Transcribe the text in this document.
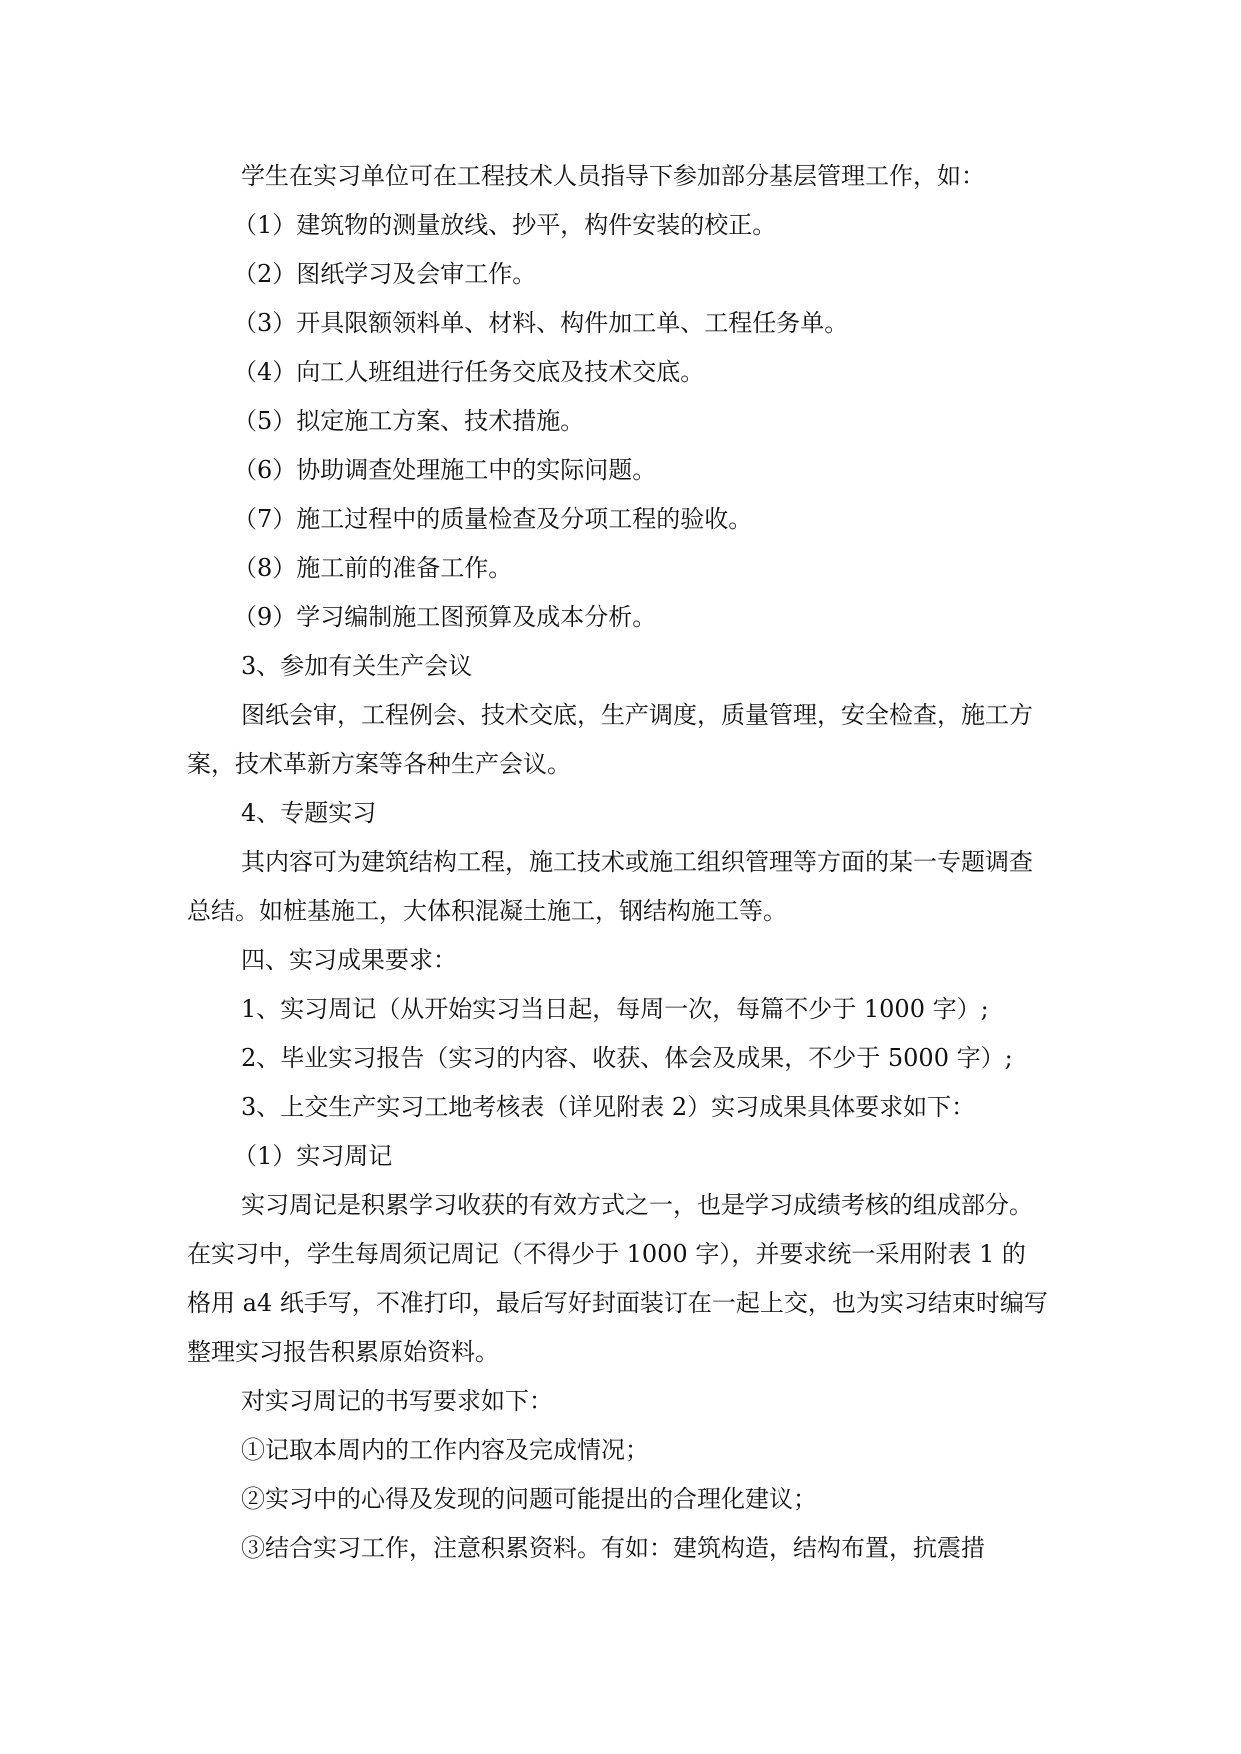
学生在实习单位可在工程技术人员指导下参加部分基层管理工作，如：

（1）建筑物的测量放线、抄平，构件安装的校正。

（2）图纸学习及会审工作。

（3）开具限额领料单、材料、构件加工单、工程任务单。

（4）向工人班组进行任务交底及技术交底。

（5）拟定施工方案、技术措施。

（6）协助调查处理施工中的实际问题。

（7）施工过程中的质量检查及分项工程的验收。

（8）施工前的准备工作。

（9）学习编制施工图预算及成本分析。

3、参加有关生产会议

图纸会审，工程例会、技术交底，生产调度，质量管理，安全检查，施工方案，技术革新方案等各种生产会议。

4、专题实习

其内容可为建筑结构工程，施工技术或施工组织管理等方面的某一专题调查总结。如桩基施工，大体积混凝土施工，钢结构施工等。

四、实习成果要求：

1、实习周记（从开始实习当日起，每周一次，每篇不少于 1000 字）;

2、毕业实习报告（实习的内容、收获、体会及成果，不少于 5000 字）;

3、上交生产实习工地考核表（详见附表 2）实习成果具体要求如下：

（1）实习周记

实习周记是积累学习收获的有效方式之一，也是学习成绩考核的组成部分。在实习中，学生每周须记周记（不得少于 1000 字），并要求统一采用附表 1 的格用 a4 纸手写，不准打印，最后写好封面装订在一起上交，也为实习结束时编写整理实习报告积累原始资料。

对实习周记的书写要求如下：

①记取本周内的工作内容及完成情况；

②实习中的心得及发现的问题可能提出的合理化建议；

③结合实习工作，注意积累资料。有如：建筑构造，结构布置，抗震措
